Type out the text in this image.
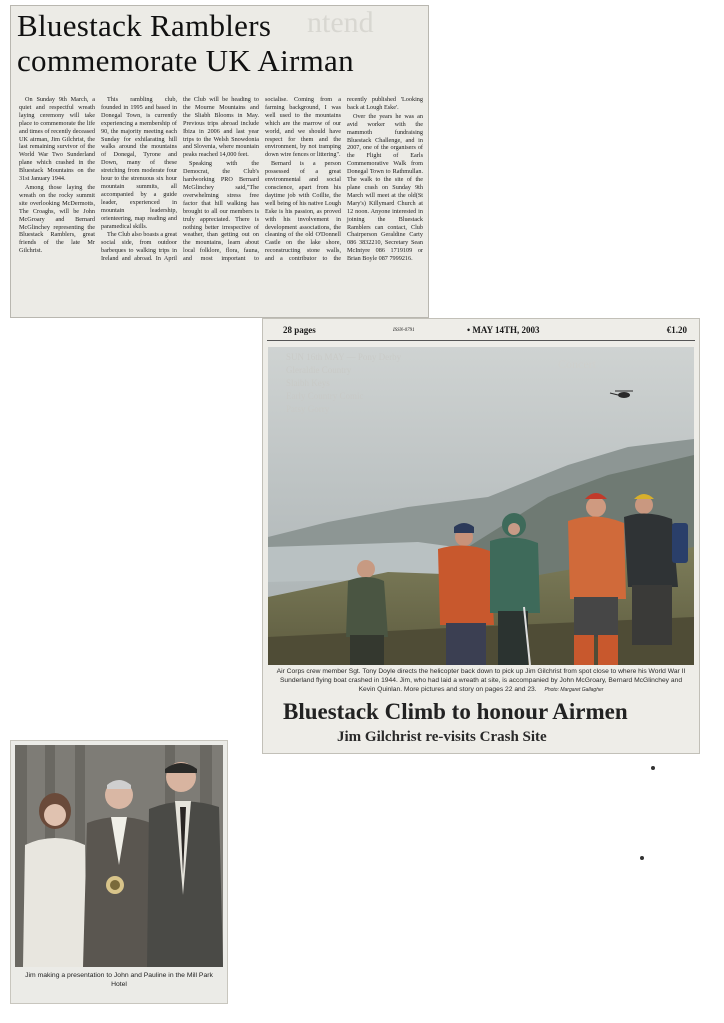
ntend
Bluestack Ramblers
commemorate UK Airman

On Sunday 9th March, a quiet and respectful wreath laying ceremony will take place to commemorate the life and times of recently deceased UK airman, Jim Gilchrist, the last remaining survivor of the World War Two Sunderland plane which crashed in the Bluestack Mountains on the 31st January 1944.

Among those laying the wreath on the rocky summit site overlooking McDermotts, The Croaghs, will be John McGroary and Bernard McGlinchey representing the Bluestack Ramblers, great friends of the late Mr Gilchrist.

This rambling club, founded in 1995 and based in Donegal Town, is currently experiencing a membership of 90, the majority meeting each Sunday for exhilarating hill walks around the mountains of Donegal, Tyrone and Down, many of these stretching from moderate four hour to the strenuous six hour mountain summits, all accompanied by a guide leader, experienced in mountain leadership, orienteering, map reading and paramedical skills.

The Club also boasts a great social side, from outdoor barbeques to walking trips in Ireland and abroad. In April the Club will be heading to the Mourne Mountains and the Sliabh Blooms in May. Previous trips abroad include Ibiza in 2006 and last year trips to the Welsh Snowdonia and Slovenia, where mountain peaks reached 14,000 feet.

Speaking with the Democrat, the Club's hardworking PRO Bernard McGlinchey said,"The overwhelming stress free factor that hill walking has brought to all our members is truly appreciated. There is nothing better irrespective of weather, than getting out on the mountains, learn about local folklore, flora, fauna, and most important to socialise. Coming from a farming background, I was well used to the mountains which are the marrow of our world, and we should have respect for them and the environment, by not tramping down wire fences or littering".

Bernard is a person possessed of a great environmental and social conscience, apart from his daytime job with Coillte, the well being of his native Lough Eske is his passion, as proved with his involvement in development associations, the cleaning of the old O'Donnell Castle on the lake shore, reconstructing stone walls, and a contributor to the recently published 'Looking back at Lough Eske'.

Over the years he was an avid worker with the mammoth fundraising Bluestack Challenge, and in 2007, one of the organisers of the Flight of Earls Commemorative Walk from Donegal Town to Rathmullan. The walk to the site of the plane crash on Sunday 9th March will meet at the old(St Mary's) Killymard Church at 12 noon. Anyone interested in joining the Bluestack Ramblers can contact, Club Chairperson Geraldine Carty 086 3832210, Secretary Sean McIntyre 086 1719109 or Brian Boyle 087 7999216.

28 pages	ISSN-0791	• MAY 14TH, 2003	€1.20
SUN 16th MAY — Pony Derby
Gleraldie Country
Slaibh Keys
Early Country Comic
Patsy Gorry
Concert
Air Corps crew member Sgt. Tony Doyle directs the helicopter back down to pick up Jim Gilchrist from spot close to where his World War II Sunderland flying boat crashed in 1944. Jim, who had laid a wreath at site, is accompanied by John McGroary, Bernard McGlinchey and Kevin Quinlan. More pictures and story on pages 22 and 23. Photo: Margaret Gallagher
Bluestack Climb to honour Airmen
Jim Gilchrist re-visits Crash Site
Jim making a presentation to John and Pauline in the Mill Park Hotel
